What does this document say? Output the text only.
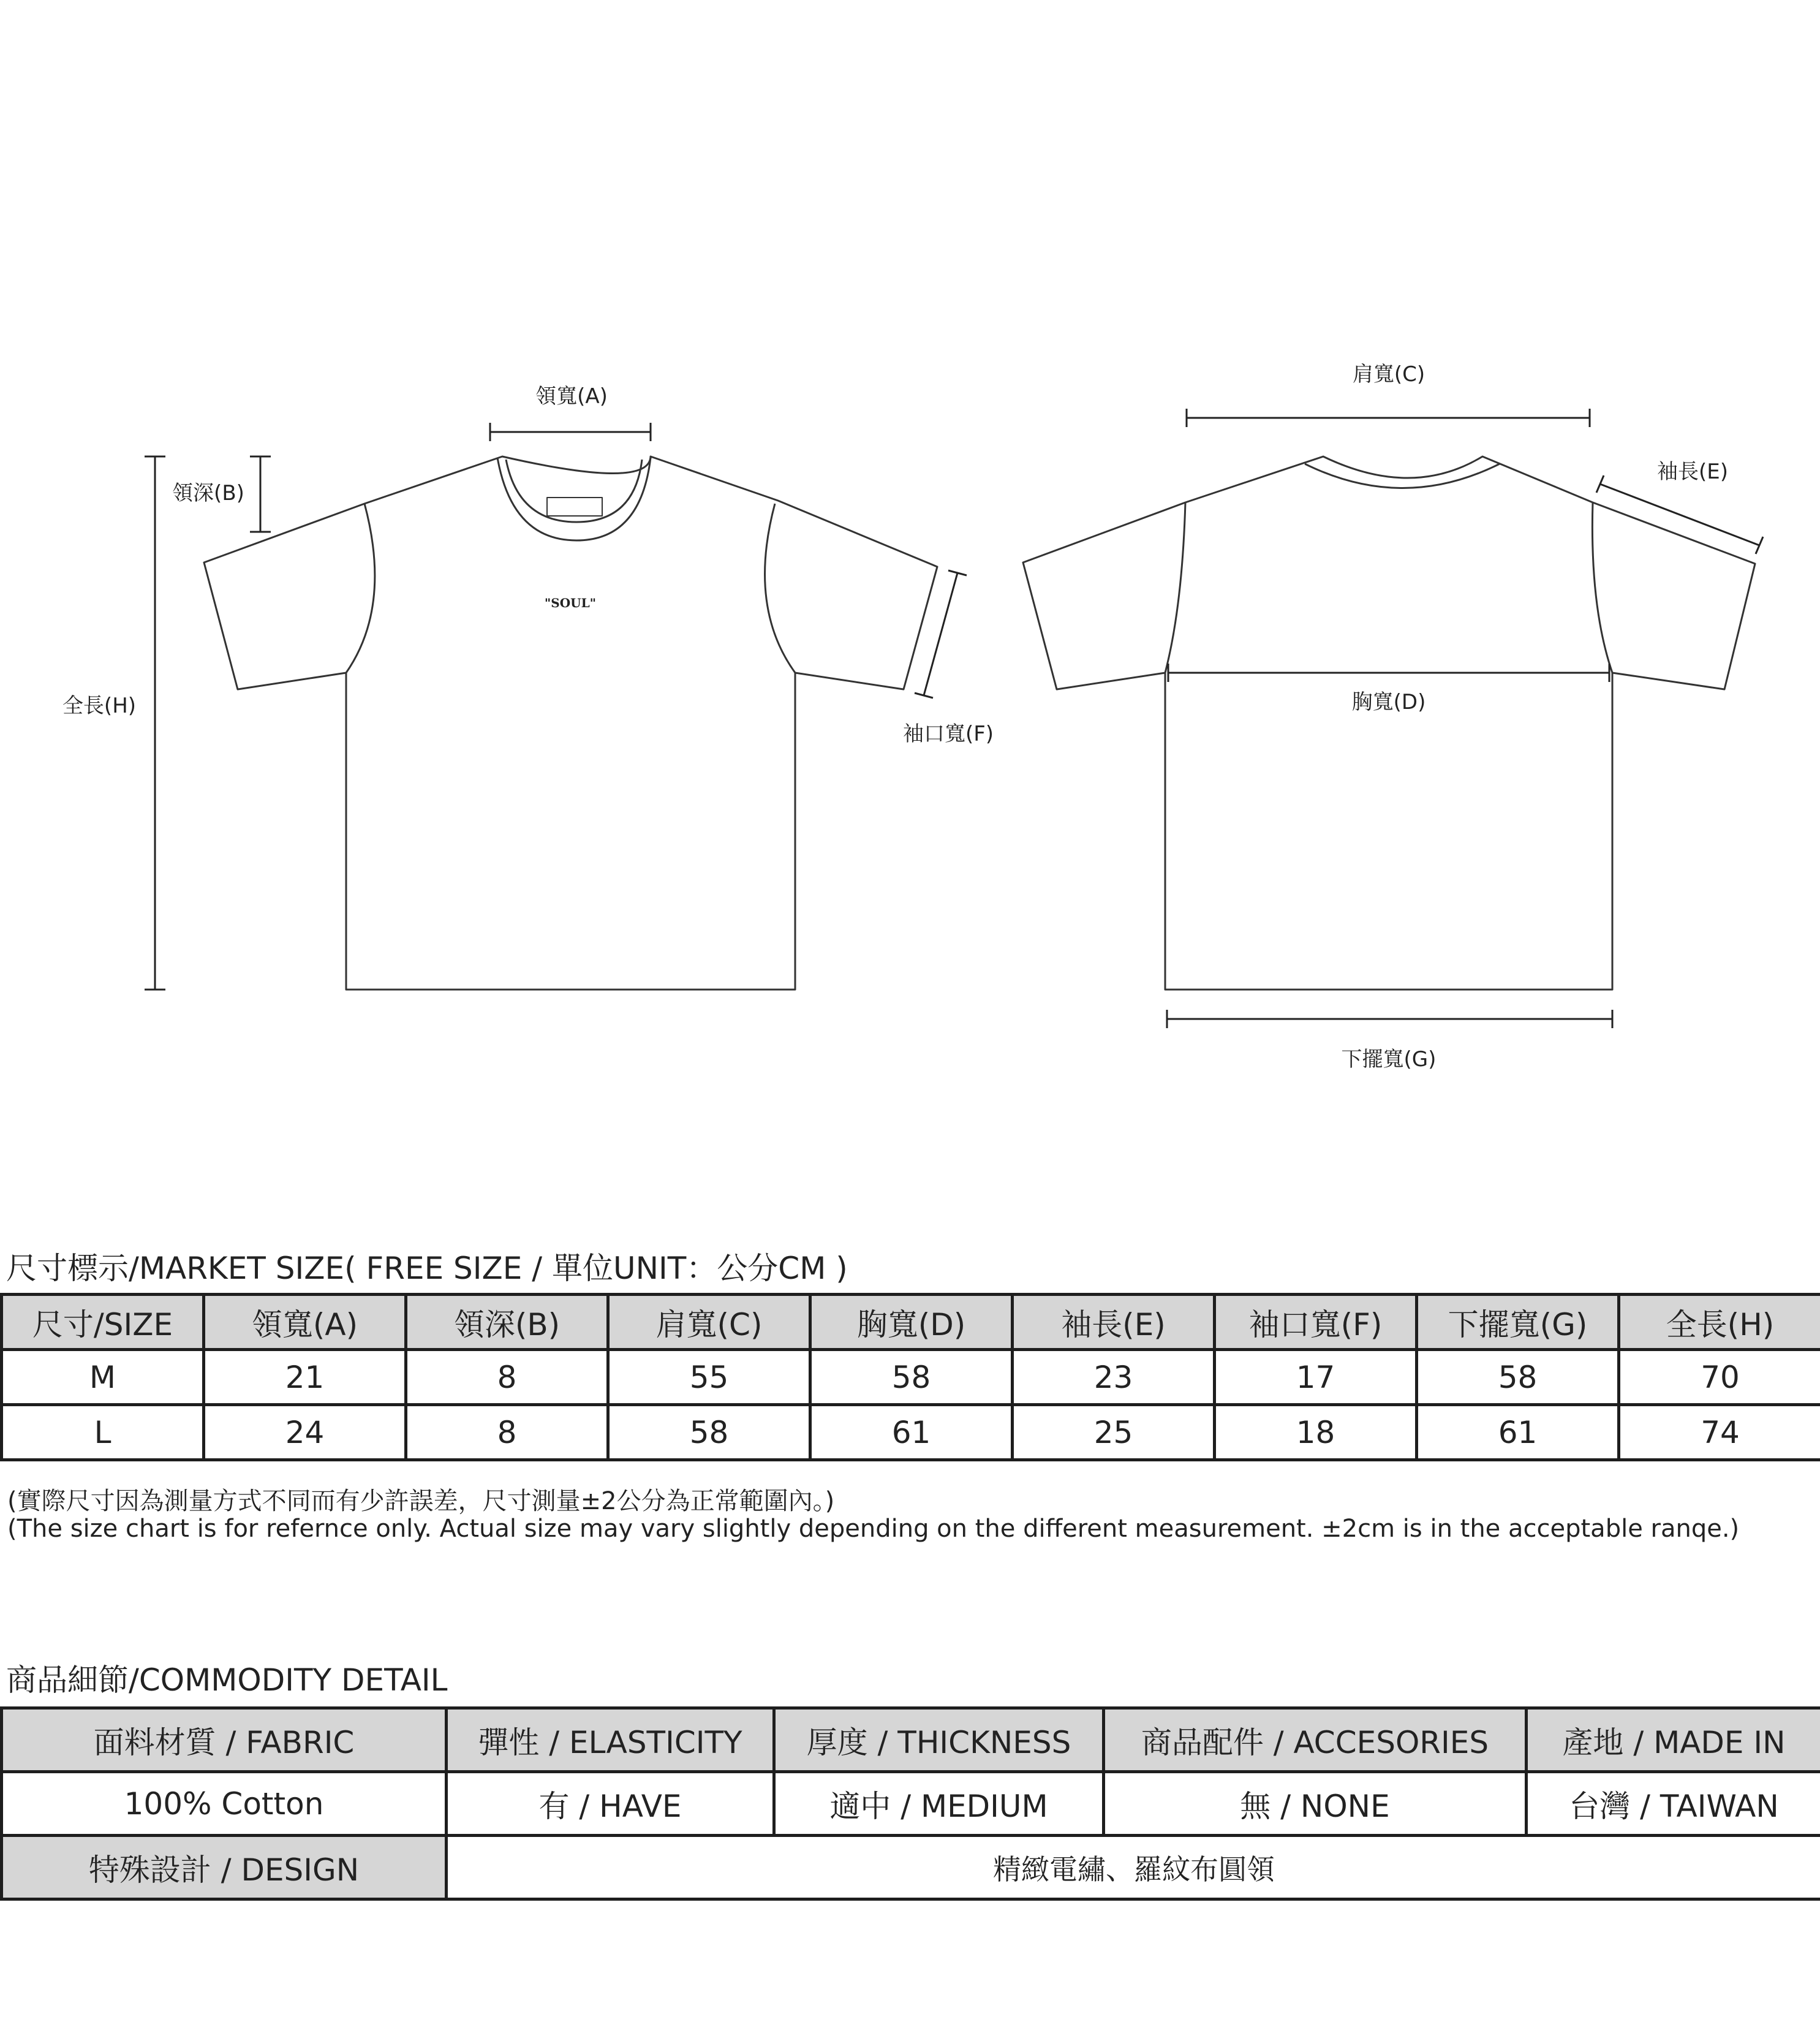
"SOUL"
領寬(A)
領深(B)
全長(H)
袖口寬(F)
肩寬(C)
袖長(E)
胸寬(D)
下擺寬(G)
尺寸標示/MARKET SIZE( FREE SIZE / 單位UNIT：公分CM )
尺寸/SIZE	領寬(A)	領深(B)	肩寬(C)	胸寬(D)	袖長(E)	袖口寬(F)	下擺寬(G)	全長(H)
M	21	8	55	58	23	17	58	70
L	24	8	58	61	25	18	61	74
(實際尺寸因為測量方式不同而有少許誤差，尺寸測量±2公分為正常範圍內。)
(The size chart is for refernce only. Actual size may vary slightly depending on the different measurement. ±2cm is in the acceptable ranqe.)
商品細節/COMMODITY DETAIL
面料材質 / FABRIC	彈性 / ELASTICITY	厚度 / THICKNESS	商品配件 / ACCESORIES	產地 / MADE IN
100% Cotton	有 / HAVE	適中 / MEDIUM	無 / NONE	台灣 / TAIWAN
特殊設計 / DESIGN	精緻電繡、羅紋布圓領			
